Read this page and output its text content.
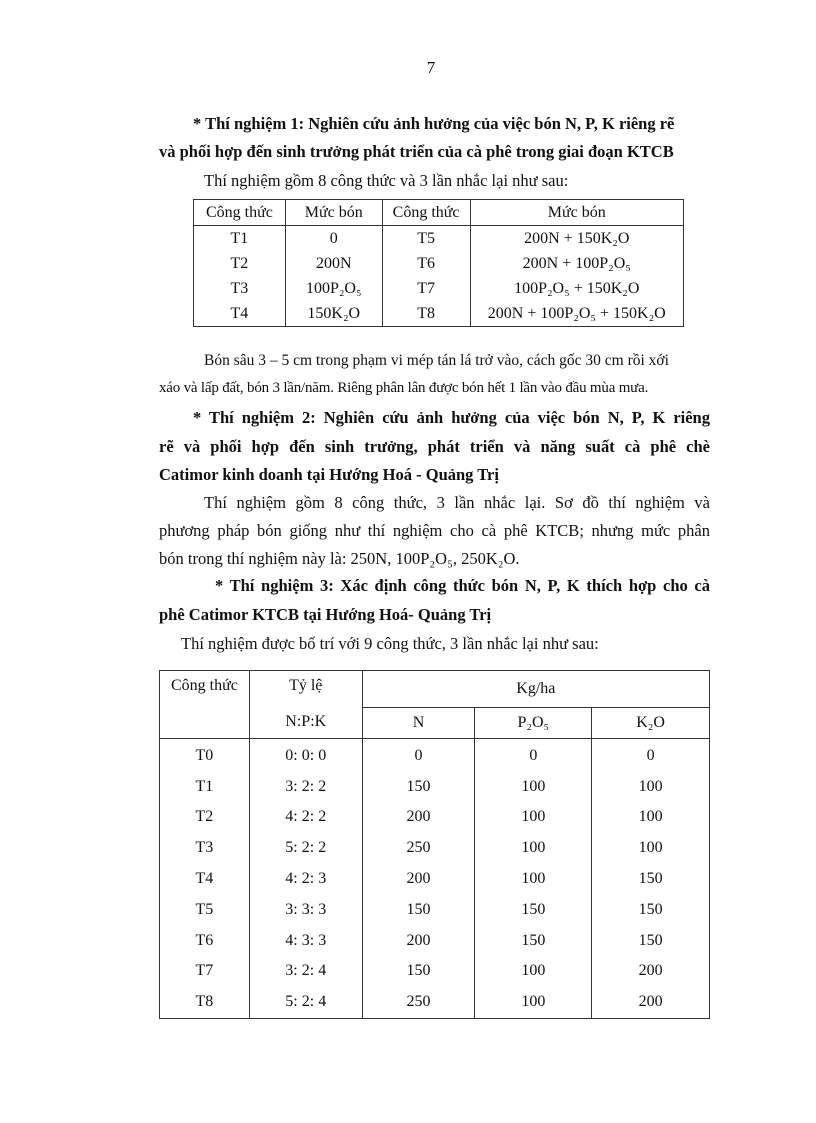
7
* Thí nghiệm 1: Nghiên cứu ảnh hưởng của việc bón N, P, K riêng rẽ
và phối hợp đến sinh trưởng phát triển của cà phê trong giai đoạn KTCB
Thí nghiệm gồm 8 công thức và 3 lần nhắc lại như sau:
Công thức	Mức bón	Công thức	Mức bón
T1	0	T5	200N + 150K₂O
T2	200N	T6	200N + 100P₂O₅
T3	100P₂O₅	T7	100P₂O₅ + 150K₂O
T4	150K₂O	T8	200N + 100P₂O₅ + 150K₂O
Bón sâu 3 – 5 cm trong phạm vi mép tán lá trở vào, cách gốc 30 cm rồi xới
xáo và lấp đất, bón 3 lần/năm. Riêng phân lân được bón hết 1 lần vào đầu mùa mưa.
* Thí nghiệm 2: Nghiên cứu ảnh hưởng của việc bón N, P, K riêng
rẽ và phối hợp đến sinh trưởng, phát triển và năng suất cà phê chè
Catimor kinh doanh tại Hướng Hoá - Quảng Trị
Thí nghiệm gồm 8 công thức, 3 lần nhắc lại. Sơ đồ thí nghiệm và
phương pháp bón giống như thí nghiệm cho cà phê KTCB; nhưng mức phân
bón trong thí nghiệm này là: 250N, 100P₂O₅, 250K₂O.
* Thí nghiệm 3: Xác định công thức bón N, P, K thích hợp cho cà
phê Catimor KTCB tại Hướng Hoá- Quảng Trị
Thí nghiệm được bố trí với 9 công thức, 3 lần nhắc lại như sau:
Công thức	Tỷ lệ	Kg/ha		
	N:P:K	N	P₂O₅	K₂O
T0	0: 0: 0	0	0	0
T1	3: 2: 2	150	100	100
T2	4: 2: 2	200	100	100
T3	5: 2: 2	250	100	100
T4	4: 2: 3	200	100	150
T5	3: 3: 3	150	150	150
T6	4: 3: 3	200	150	150
T7	3: 2: 4	150	100	200
T8	5: 2: 4	250	100	200
